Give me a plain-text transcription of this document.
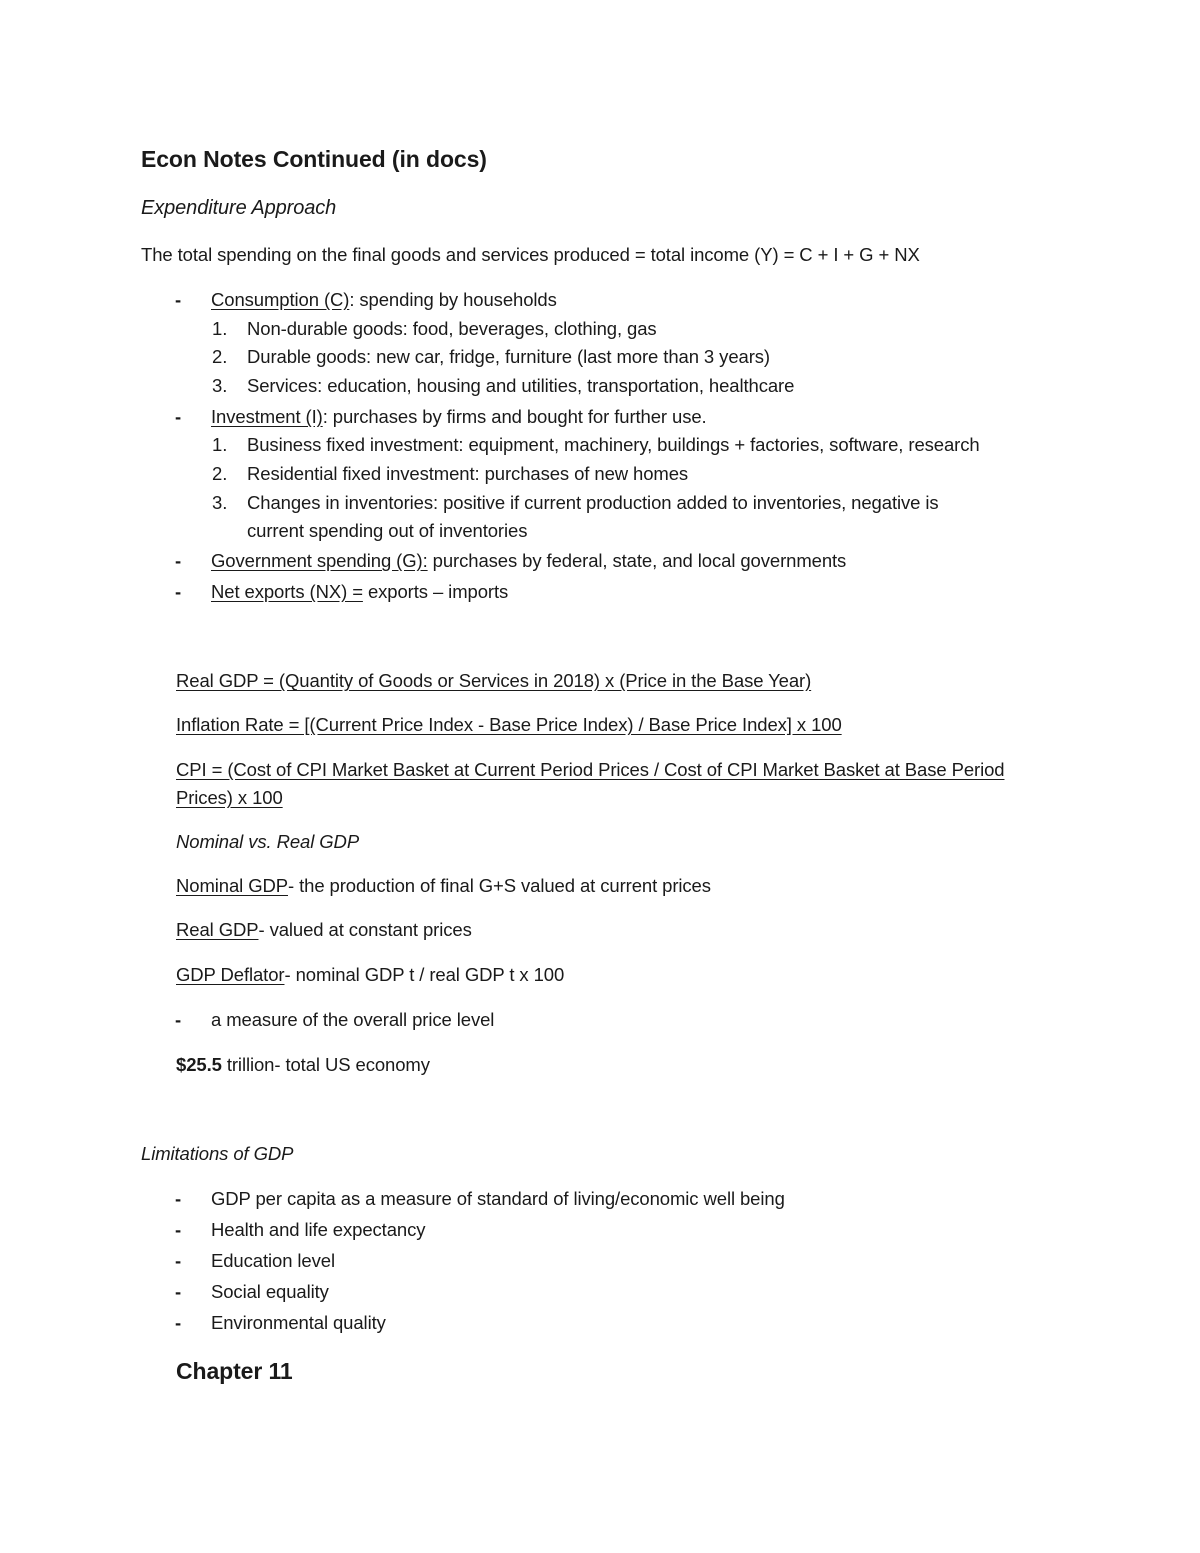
Econ Notes Continued (in docs)
Expenditure Approach
The total spending on the final goods and services produced = total income (Y) = C + I + G + NX
- Consumption (C): spending by households
1. Non-durable goods: food, beverages, clothing, gas
2. Durable goods: new car, fridge, furniture (last more than 3 years)
3. Services: education, housing and utilities, transportation, healthcare
- Investment (I): purchases by firms and bought for further use.
1. Business fixed investment: equipment, machinery, buildings + factories, software, research
2. Residential fixed investment: purchases of new homes
3. Changes in inventories: positive if current production added to inventories, negative is
current spending out of inventories
- Government spending (G): purchases by federal, state, and local governments
- Net exports (NX) = exports – imports
Real GDP = (Quantity of Goods or Services in 2018) x (Price in the Base Year)
Inflation Rate = [(Current Price Index - Base Price Index) / Base Price Index] x 100
CPI = (Cost of CPI Market Basket at Current Period Prices / Cost of CPI Market Basket at Base Period
Prices) x 100
Nominal vs. Real GDP
Nominal GDP- the production of final G+S valued at current prices
Real GDP- valued at constant prices
GDP Deflator- nominal GDP t / real GDP t x 100
- a measure of the overall price level
$25.5 trillion- total US economy
Limitations of GDP
- GDP per capita as a measure of standard of living/economic well being
- Health and life expectancy
- Education level
- Social equality
- Environmental quality
Chapter 11
